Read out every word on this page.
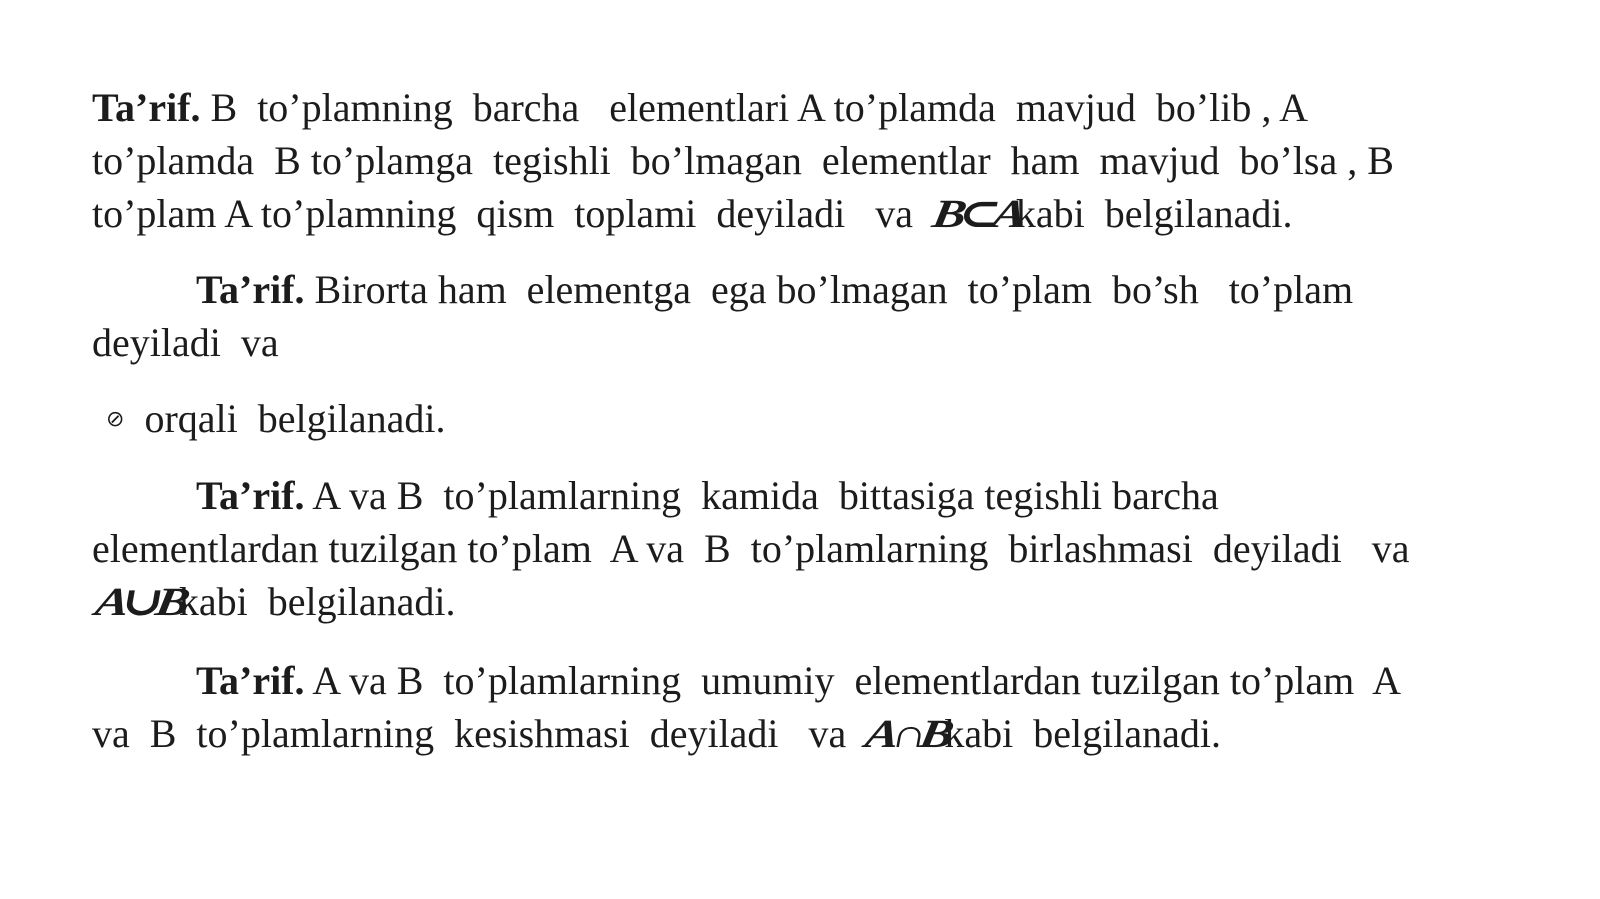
Ta’rif. B  to’plamning  barcha   elementlari A to’plamda  mavjud  bo’lib , A
to’plamda  B to’plamga  tegishli  bo’lmagan  elementlar  ham  mavjud  bo’lsa , B
to’plam A to’plamning  qism  toplami  deyiladi   va  B⊂Akabi  belgilanadi.
Ta’rif. Birorta ham  elementga  ega bo’lmagan  to’plam  bo’sh   to’plam
deyiladi  va
⊘ orqali  belgilanadi.
Ta’rif. A va B  to’plamlarning  kamida  bittasiga tegishli barcha
elementlardan tuzilgan to’plam  A va  B  to’plamlarning  birlashmasi  deyiladi   va
A∪Bkabi  belgilanadi.
Ta’rif. A va B  to’plamlarning  umumiy  elementlardan tuzilgan to’plam  A
va  B  to’plamlarning  kesishmasi  deyiladi   va  A∩Bkabi  belgilanadi.
